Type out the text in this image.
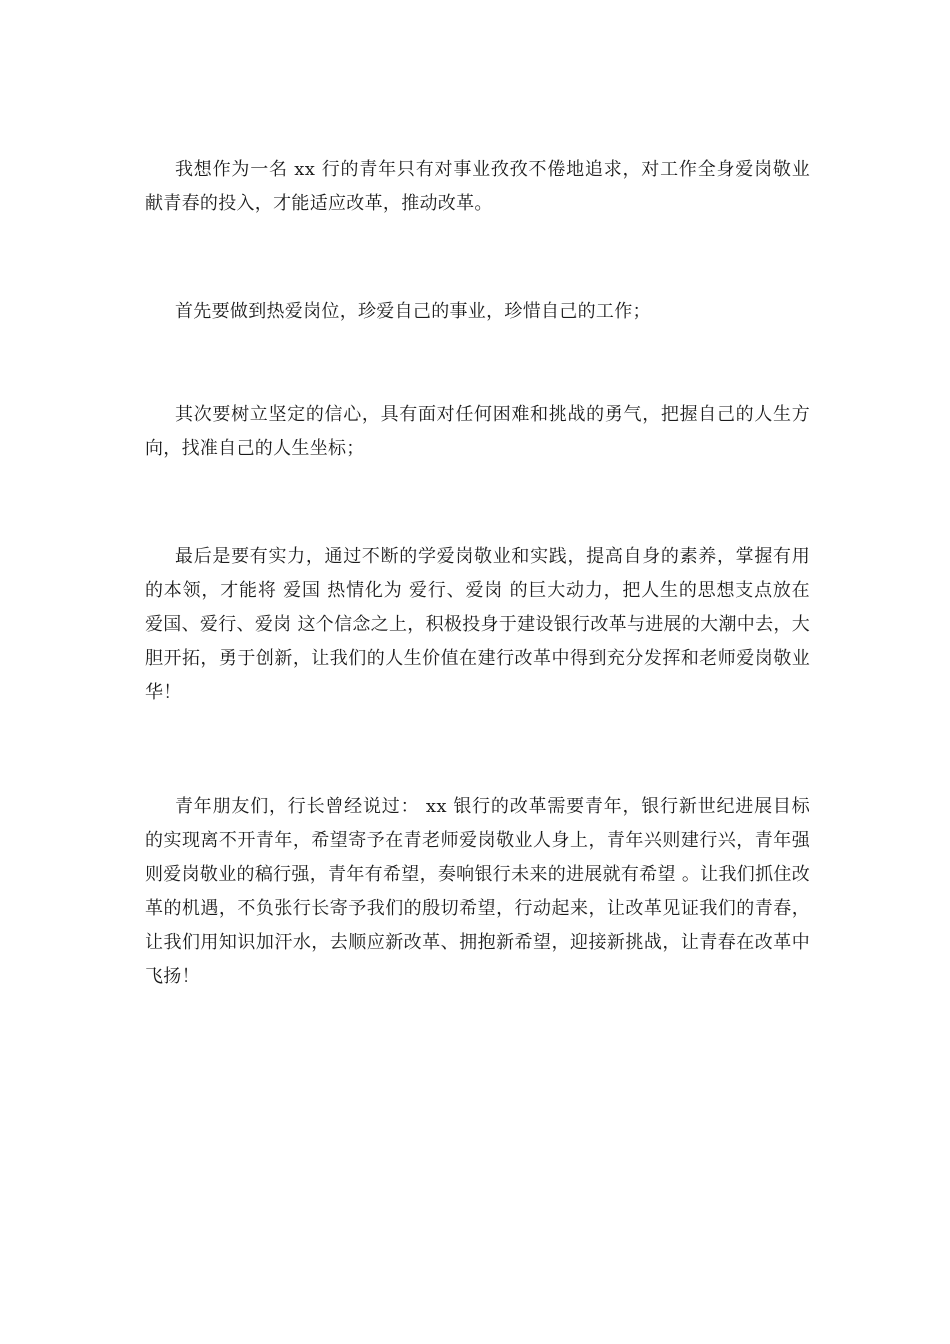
我想作为一名 xx 行的青年只有对事业孜孜不倦地追求，对工作全身爱岗敬业献青春的投入，才能适应改革，推动改革。

首先要做到热爱岗位，珍爱自己的事业，珍惜自己的工作；

其次要树立坚定的信心，具有面对任何困难和挑战的勇气，把握自己的人生方向，找准自己的人生坐标；

最后是要有实力，通过不断的学爱岗敬业和实践，提高自身的素养，掌握有用的本领，才能将 爱国 热情化为 爱行、爱岗 的巨大动力，把人生的思想支点放在 爱国、爱行、爱岗 这个信念之上，积极投身于建设银行改革与进展的大潮中去，大胆开拓，勇于创新，让我们的人生价值在建行改革中得到充分发挥和老师爱岗敬业华！

青年朋友们，行长曾经说过： xx 银行的改革需要青年，银行新世纪进展目标的实现离不开青年，希望寄予在青老师爱岗敬业人身上，青年兴则建行兴，青年强则爱岗敬业的稿行强，青年有希望，奏响银行未来的进展就有希望 。让我们抓住改革的机遇，不负张行长寄予我们的殷切希望，行动起来，让改革见证我们的青春，让我们用知识加汗水，去顺应新改革、拥抱新希望，迎接新挑战，让青春在改革中飞扬！
